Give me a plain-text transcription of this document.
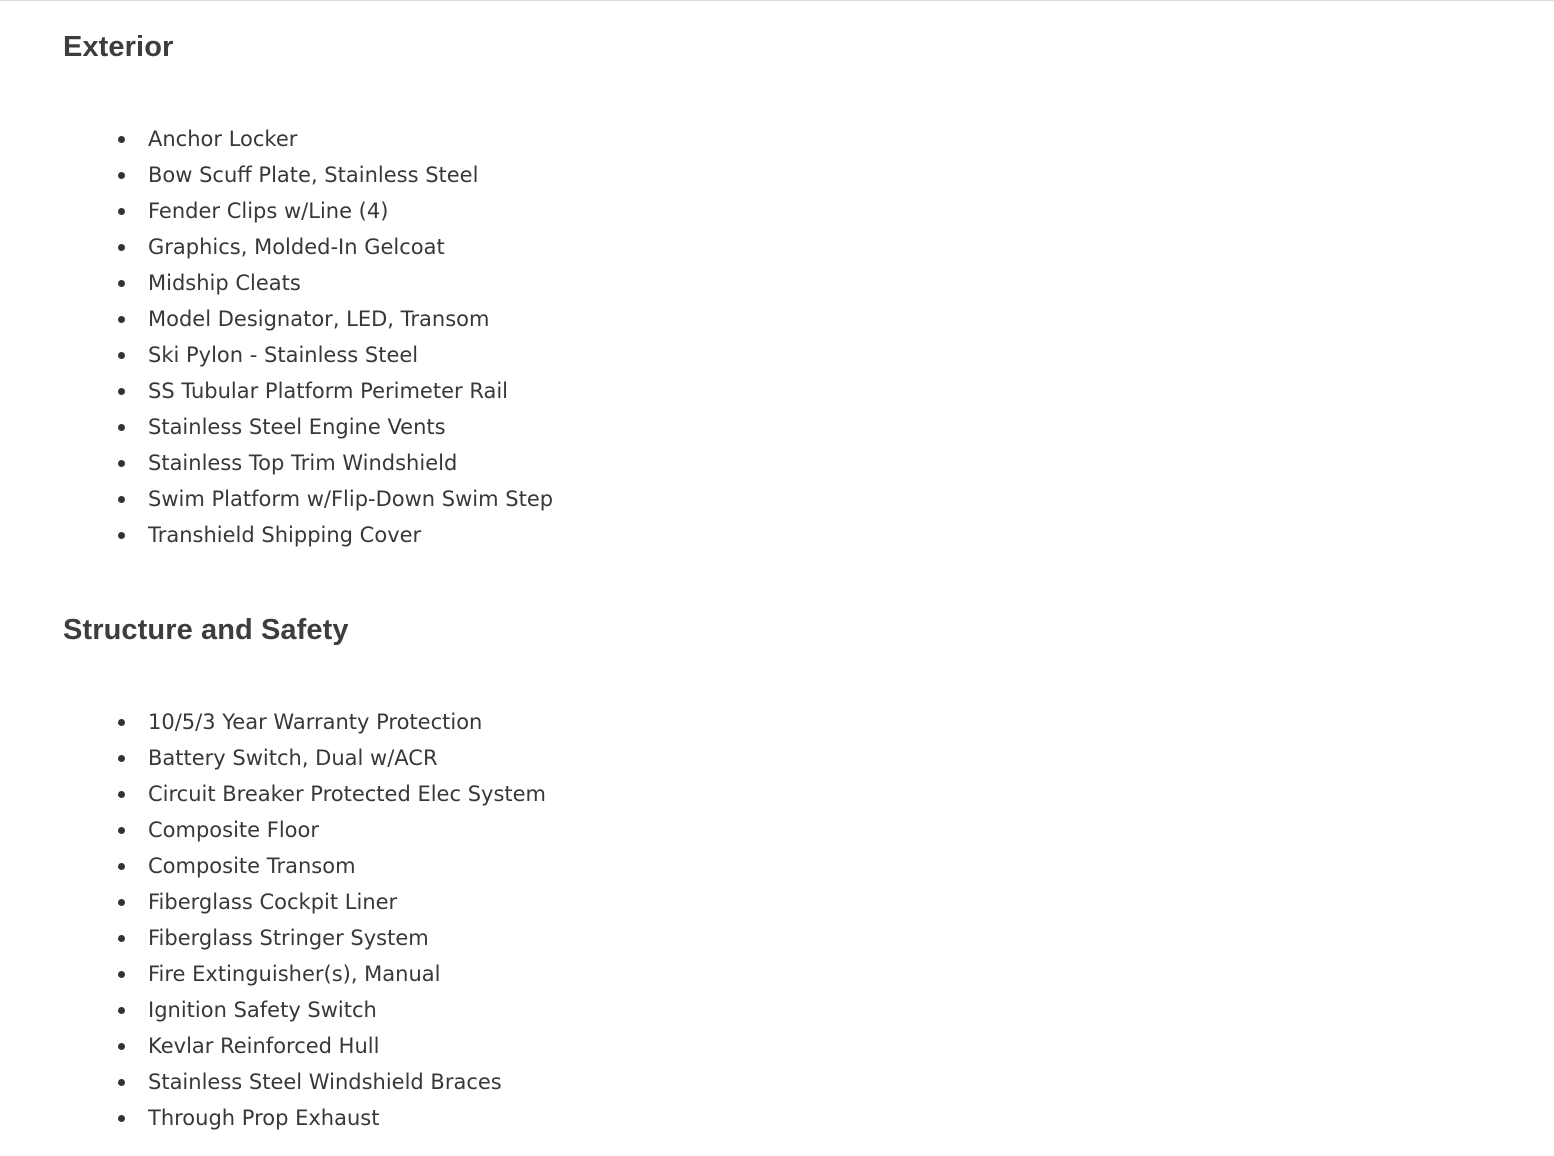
Exterior
Anchor Locker
Bow Scuff Plate, Stainless Steel
Fender Clips w/Line (4)
Graphics, Molded-In Gelcoat
Midship Cleats
Model Designator, LED, Transom
Ski Pylon - Stainless Steel
SS Tubular Platform Perimeter Rail
Stainless Steel Engine Vents
Stainless Top Trim Windshield
Swim Platform w/Flip-Down Swim Step
Transhield Shipping Cover
Structure and Safety
10/5/3 Year Warranty Protection
Battery Switch, Dual w/ACR
Circuit Breaker Protected Elec System
Composite Floor
Composite Transom
Fiberglass Cockpit Liner
Fiberglass Stringer System
Fire Extinguisher(s), Manual
Ignition Safety Switch
Kevlar Reinforced Hull
Stainless Steel Windshield Braces
Through Prop Exhaust
